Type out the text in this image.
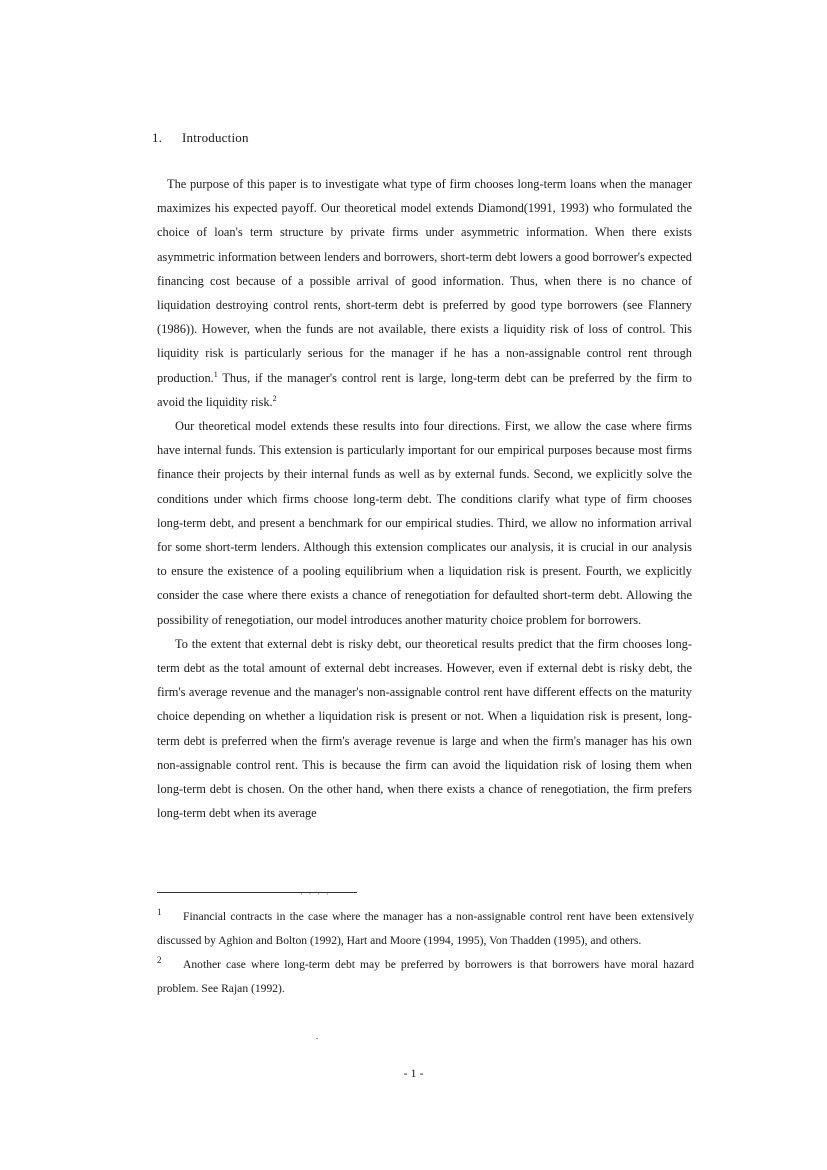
1. Introduction

The purpose of this paper is to investigate what type of firm chooses long-term loans when the manager maximizes his expected payoff. Our theoretical model extends Diamond(1991, 1993) who formulated the choice of loan's term structure by private firms under asymmetric information. When there exists asymmetric information between lenders and borrowers, short-term debt lowers a good borrower's expected financing cost because of a possible arrival of good information. Thus, when there is no chance of liquidation destroying control rents, short-term debt is preferred by good type borrowers (see Flannery (1986)). However, when the funds are not available, there exists a liquidity risk of loss of control. This liquidity risk is particularly serious for the manager if he has a non-assignable control rent through production.$^1$ Thus, if the manager's control rent is large, long-term debt can be preferred by the firm to avoid the liquidity risk.$^2$

Our theoretical model extends these results into four directions. First, we allow the case where firms have internal funds. This extension is particularly important for our empirical purposes because most firms finance their projects by their internal funds as well as by external funds. Second, we explicitly solve the conditions under which firms choose long-term debt. The conditions clarify what type of firm chooses long-term debt, and present a benchmark for our empirical studies. Third, we allow no information arrival for some short-term lenders. Although this extension complicates our analysis, it is crucial in our analysis to ensure the existence of a pooling equilibrium when a liquidation risk is present. Fourth, we explicitly consider the case where there exists a chance of renegotiation for defaulted short-term debt. Allowing the possibility of renegotiation, our model introduces another maturity choice problem for borrowers.

To the extent that external debt is risky debt, our theoretical results predict that the firm chooses long-term debt as the total amount of external debt increases. However, even if external debt is risky debt, the firm's average revenue and the manager's non-assignable control rent have different effects on the maturity choice depending on whether a liquidation risk is present or not. When a liquidation risk is present, long-term debt is preferred when the firm's average revenue is large and when the firm's manager has his own non-assignable control rent. This is because the firm can avoid the liquidation risk of losing them when long-term debt is chosen. On the other hand, when there exists a chance of renegotiation, the firm prefers long-term debt when its average

· · · ·

1 Financial contracts in the case where the manager has a non-assignable control rent have been extensively discussed by Aghion and Bolton (1992), Hart and Moore (1994, 1995), Von Thadden (1995), and others.

2 Another case where long-term debt may be preferred by borrowers is that borrowers have moral hazard problem. See Rajan (1992).

- 1 -
